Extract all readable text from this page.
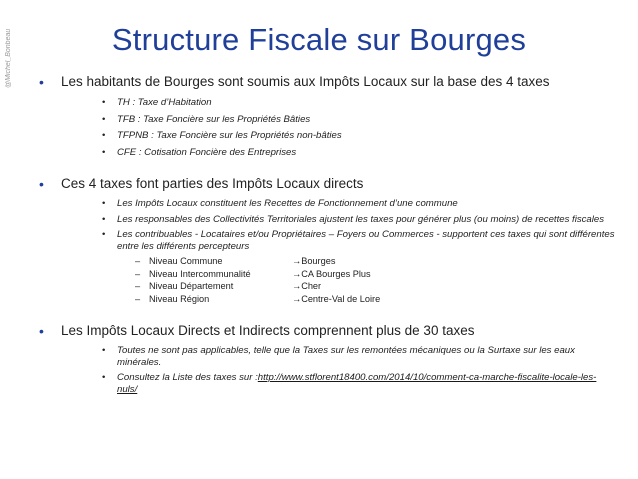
@Michel_Bonbeau	Structure Fiscale sur Bourges
• Les habitants de Bourges sont soumis aux Impôts Locaux sur la base des 4 taxes
• TH : Taxe d’Habitation
• TFB : Taxe Foncière sur les Propriétés Bâties
• TFPNB : Taxe Foncière sur les Propriétés non-bâties
• CFE : Cotisation Foncière des Entreprises
• Ces 4 taxes font parties des Impôts Locaux directs
• Les Impôts Locaux constituent les Recettes de Fonctionnement d’une commune
• Les responsables des Collectivités Territoriales ajustent les taxes pour générer plus (ou moins) de recettes fiscales
• Les contribuables - Locataires et/ou Propriétaires – Foyers ou Commerces - supportent ces taxes qui sont différentes entre les différents percepteurs
– Niveau Commune	→Bourges
– Niveau Intercommunalité	→CA Bourges Plus
– Niveau Département	→Cher
– Niveau Région	→Centre-Val de Loire
• Les Impôts Locaux Directs et Indirects comprennent plus de 30 taxes
• Toutes ne sont pas applicables, telle que la Taxes sur les remontées mécaniques ou la Surtaxe sur les eaux minérales.
• Consultez la Liste des taxes sur :http://www.stflorent18400.com/2014/10/comment-ca-marche-fiscalite-locale-les-nuls/
